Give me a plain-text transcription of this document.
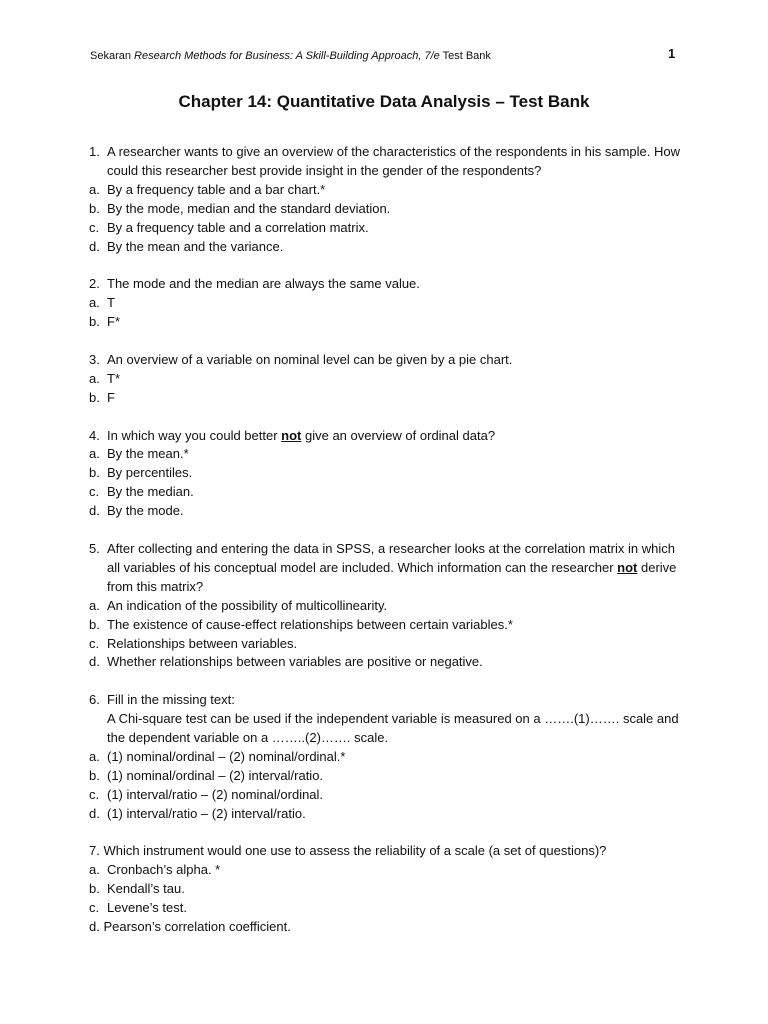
Sekaran Research Methods for Business: A Skill-Building Approach, 7/e Test Bank	1
Chapter 14: Quantitative Data Analysis – Test Bank
1. A researcher wants to give an overview of the characteristics of the respondents in his sample. How could this researcher best provide insight in the gender of the respondents?
a. By a frequency table and a bar chart.*
b. By the mode, median and the standard deviation.
c. By a frequency table and a correlation matrix.
d. By the mean and the variance.
2. The mode and the median are always the same value.
a. T
b. F*
3. An overview of a variable on nominal level can be given by a pie chart.
a. T*
b. F
4. In which way you could better not give an overview of ordinal data?
a. By the mean.*
b. By percentiles.
c. By the median.
d. By the mode.
5. After collecting and entering the data in SPSS, a researcher looks at the correlation matrix in which all variables of his conceptual model are included. Which information can the researcher not derive from this matrix?
a. An indication of the possibility of multicollinearity.
b. The existence of cause-effect relationships between certain variables.*
c. Relationships between variables.
d. Whether relationships between variables are positive or negative.
6. Fill in the missing text:
A Chi-square test can be used if the independent variable is measured on a …….(1)……. scale and the dependent variable on a ……..(2)……. scale.
a. (1) nominal/ordinal – (2) nominal/ordinal.*
b. (1) nominal/ordinal – (2) interval/ratio.
c. (1) interval/ratio – (2) nominal/ordinal.
d. (1) interval/ratio – (2) interval/ratio.
7. Which instrument would one use to assess the reliability of a scale (a set of questions)?
a. Cronbach’s alpha. *
b. Kendall’s tau.
c. Levene’s test.
d. Pearson’s correlation coefficient.
